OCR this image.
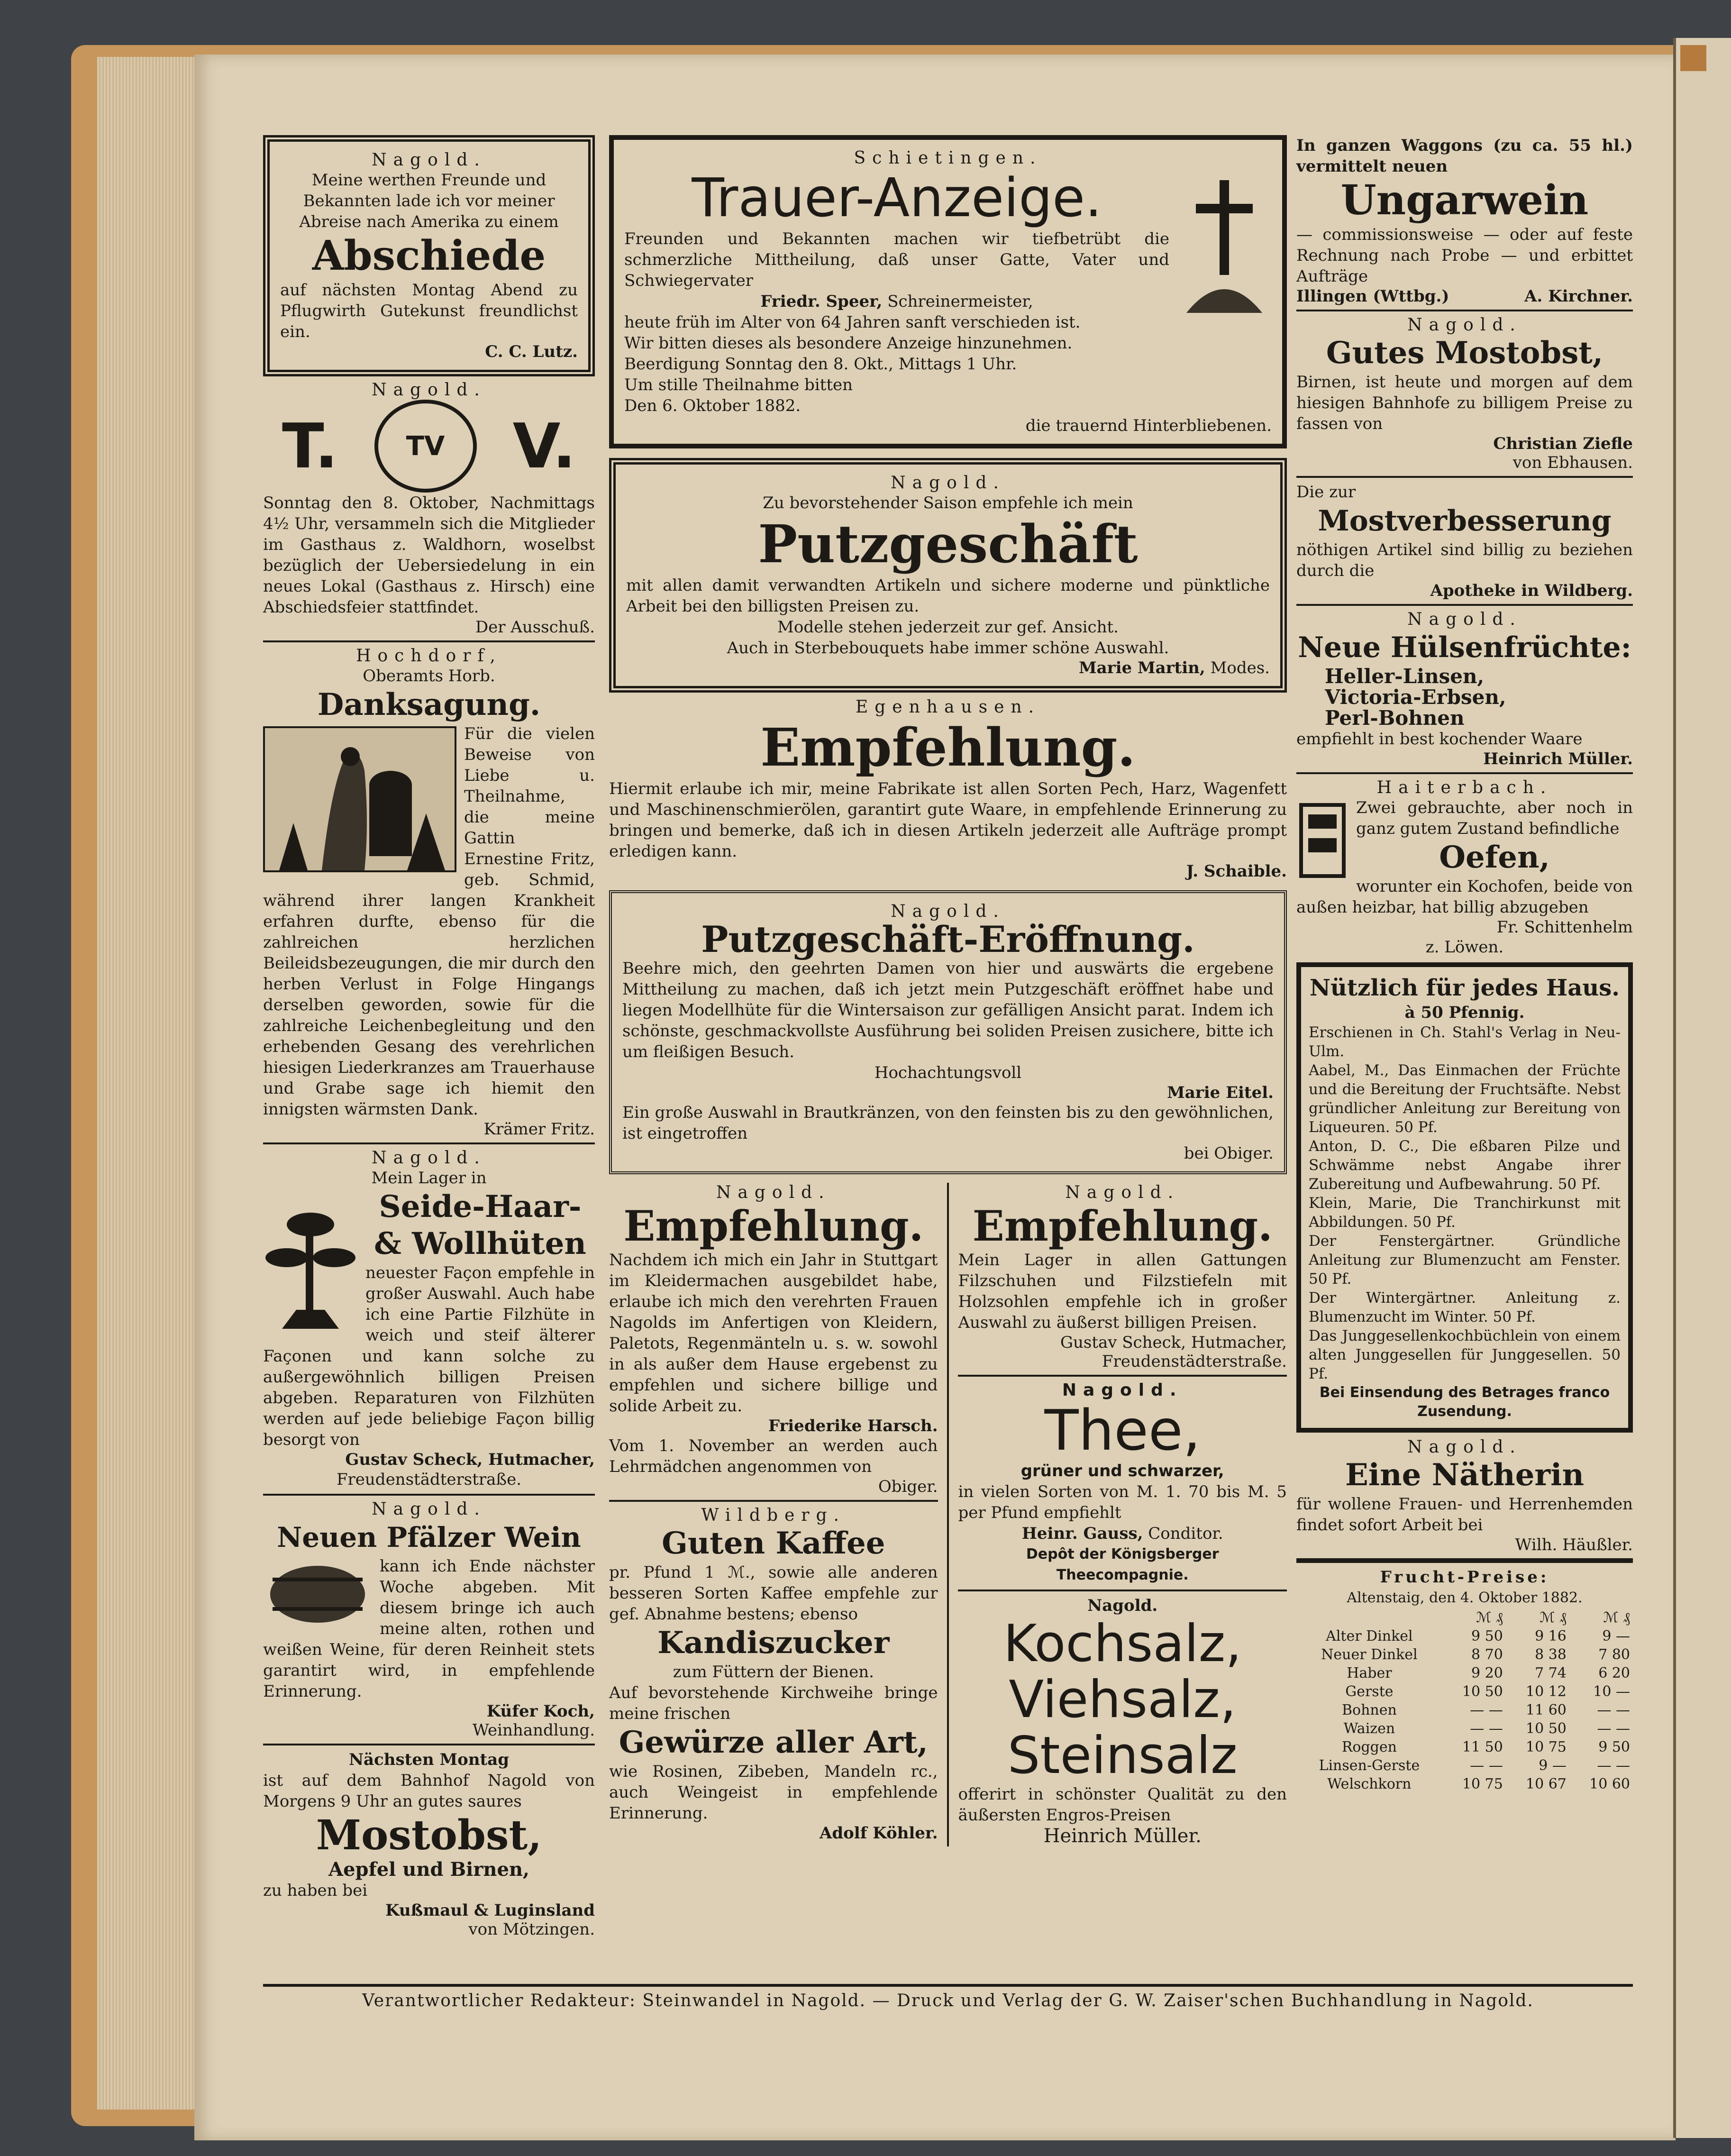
Nagold.
Meine werthen Freunde und Bekannten lade ich vor meiner Abreise nach Amerika zu einem
Abschiede
auf nächsten Montag Abend zu Pflugwirth Gutekunst freundlichst ein.
C. C. Lutz.
Nagold.
T.	TV V.
Sonntag den 8. Oktober, Nachmittags 4½ Uhr, versammeln sich die Mitglieder im Gasthaus z. Waldhorn, woselbst bezüglich der Uebersiedelung in ein neues Lokal (Gasthaus z. Hirsch) eine Abschiedsfeier stattfindet.
Der Ausschuß.
Hochdorf,
Oberamts Horb.
Danksagung.
Für die vielen Beweise von Liebe u. Theilnahme, die meine Gattin Ernestine Fritz, geb. Schmid, während ihrer langen Krankheit erfahren durfte, ebenso für die zahlreichen herzlichen Beileidsbezeugungen, die mir durch den herben Verlust in Folge Hingangs derselben geworden, sowie für die zahlreiche Leichenbegleitung und den erhebenden Gesang des verehrlichen hiesigen Liederkranzes am Trauerhause und Grabe sage ich hiemit den innigsten wärmsten Dank.
Krämer Fritz.
Nagold.
Mein Lager in
Seide-Haar-
& Wollhüten
neuester Façon empfehle in großer Auswahl. Auch habe ich eine Partie Filzhüte in weich und steif älterer Façonen und kann solche zu außergewöhnlich billigen Preisen abgeben. Reparaturen von Filzhüten werden auf jede beliebige Façon billig besorgt von
Gustav Scheck, Hutmacher,
Freudenstädterstraße.
Nagold.
Neuen Pfälzer Wein
kann ich Ende nächster Woche abgeben. Mit diesem bringe ich auch meine alten, rothen und weißen Weine, für deren Reinheit stets garantirt wird, in empfehlende Erinnerung.
Küfer Koch,
Weinhandlung.
Nächsten Montag
ist auf dem Bahnhof Nagold von Morgens 9 Uhr an gutes saures
Mostobst,
Aepfel und Birnen,
zu haben bei
Kußmaul & Luginsland
von Mötzingen.
Schietingen.
Trauer-Anzeige.
Freunden und Bekannten machen wir tiefbetrübt die schmerzliche Mittheilung, daß unser Gatte, Vater und Schwiegervater
Friedr. Speer, Schreinermeister,
heute früh im Alter von 64 Jahren sanft verschieden ist.
Wir bitten dieses als besondere Anzeige hinzunehmen.
Beerdigung Sonntag den 8. Okt., Mittags 1 Uhr.
Um stille Theilnahme bitten
Den 6. Oktober 1882.
die trauernd Hinterbliebenen.
Nagold.
Zu bevorstehender Saison empfehle ich mein
Putzgeschäft
mit allen damit verwandten Artikeln und sichere moderne und pünktliche Arbeit bei den billigsten Preisen zu.
Modelle stehen jederzeit zur gef. Ansicht.
Auch in Sterbebouquets habe immer schöne Auswahl.
Marie Martin, Modes.
Egenhausen.
Empfehlung.
Hiermit erlaube ich mir, meine Fabrikate ist allen Sorten Pech, Harz, Wagenfett und Maschinenschmierölen, garantirt gute Waare, in empfehlende Erinnerung zu bringen und bemerke, daß ich in diesen Artikeln jederzeit alle Aufträge prompt erledigen kann.
J. Schaible.
Nagold.
Putzgeschäft-Eröffnung.
Beehre mich, den geehrten Damen von hier und auswärts die ergebene Mittheilung zu machen, daß ich jetzt mein Putzgeschäft eröffnet habe und liegen Modellhüte für die Wintersaison zur gefälligen Ansicht parat. Indem ich schönste, geschmackvollste Ausführung bei soliden Preisen zusichere, bitte ich um fleißigen Besuch.
Hochachtungsvoll
Marie Eitel.
Ein große Auswahl in Brautkränzen, von den feinsten bis zu den gewöhnlichen, ist eingetroffen
bei Obiger.
Nagold.
Empfehlung.
Nachdem ich mich ein Jahr in Stuttgart im Kleidermachen ausgebildet habe, erlaube ich mich den verehrten Frauen Nagolds im Anfertigen von Kleidern, Paletots, Regenmänteln u. s. w. sowohl in als außer dem Hause ergebenst zu empfehlen und sichere billige und solide Arbeit zu.
Friederike Harsch.
Vom 1. November an werden auch Lehrmädchen angenommen von
Obiger.
Wildberg.
Guten Kaffee
pr. Pfund 1 ℳ., sowie alle anderen besseren Sorten Kaffee empfehle zur gef. Abnahme bestens; ebenso
Kandiszucker
zum Füttern der Bienen.
Auf bevorstehende Kirchweihe bringe meine frischen
Gewürze aller Art,
wie Rosinen, Zibeben, Mandeln rc., auch Weingeist in empfehlende Erinnerung.
Adolf Köhler.
Nagold.
Empfehlung.
Mein Lager in allen Gattungen Filzschuhen und Filzstiefeln mit Holzsohlen empfehle ich in großer Auswahl zu äußerst billigen Preisen.
Gustav Scheck, Hutmacher,
Freudenstädterstraße.
Nagold.
Thee,
grüner und schwarzer,
in vielen Sorten von M. 1. 70 bis M. 5 per Pfund empfiehlt
Heinr. Gauss, Conditor.
Depôt der Königsberger Theecompagnie.
Nagold.
Kochsalz,
Viehsalz,
Steinsalz
offerirt in schönster Qualität zu den äußersten Engros-Preisen
Heinrich Müller.
In ganzen Waggons (zu ca. 55 hl.) vermittelt neuen
Ungarwein
— commissionsweise — oder auf feste Rechnung nach Probe — und erbittet Aufträge
Illingen (Wttbg.)	A. Kirchner.
Nagold.
Gutes Mostobst,
Birnen, ist heute und morgen auf dem hiesigen Bahnhofe zu billigem Preise zu fassen von
Christian Ziefle
von Ebhausen.
Die zur
Mostverbesserung
nöthigen Artikel sind billig zu beziehen durch die
Apotheke in Wildberg.
Nagold.
Neue Hülsenfrüchte:
Heller-Linsen,
Victoria-Erbsen,
Perl-Bohnen
empfiehlt in best kochender Waare
Heinrich Müller.
Haiterbach.
Zwei gebrauchte, aber noch in ganz gutem Zustand befindliche
Oefen,
worunter ein Kochofen, beide von außen heizbar, hat billig abzugeben
Fr. Schittenhelm
z. Löwen.
Nützlich für jedes Haus.
à 50 Pfennig.
Erschienen in Ch. Stahl's Verlag in Neu-Ulm.
Aabel, M., Das Einmachen der Früchte und die Bereitung der Fruchtsäfte. Nebst gründlicher Anleitung zur Bereitung von Liqueuren. 50 Pf.
Anton, D. C., Die eßbaren Pilze und Schwämme nebst Angabe ihrer Zubereitung und Aufbewahrung. 50 Pf.
Klein, Marie, Die Tranchirkunst mit Abbildungen. 50 Pf.
Der Fenstergärtner. Gründliche Anleitung zur Blumenzucht am Fenster. 50 Pf.
Der Wintergärtner. Anleitung z. Blumenzucht im Winter. 50 Pf.
Das Junggesellenkochbüchlein von einem alten Junggesellen für Junggesellen. 50 Pf.
Bei Einsendung des Betrages franco Zusendung.
Nagold.
Eine Nätherin
für wollene Frauen- und Herrenhemden findet sofort Arbeit bei
Wilh. Häußler.
Frucht-Preise:
Altenstaig, den 4. Oktober 1882.
	ℳ ₰	ℳ ₰	ℳ ₰
Alter Dinkel	9 50	9 16	9 —
Neuer Dinkel	8 70	8 38	7 80
Haber	9 20	7 74	6 20
Gerste	10 50	10 12	10 —
Bohnen	— —	11 60	— —
Waizen	— —	10 50	— —
Roggen	11 50	10 75	9 50
Linsen-Gerste	— —	9 —	— —
Welschkorn	10 75	10 67	10 60
Verantwortlicher Redakteur: Steinwandel in Nagold. — Druck und Verlag der G. W. Zaiser'schen Buchhandlung in Nagold.
